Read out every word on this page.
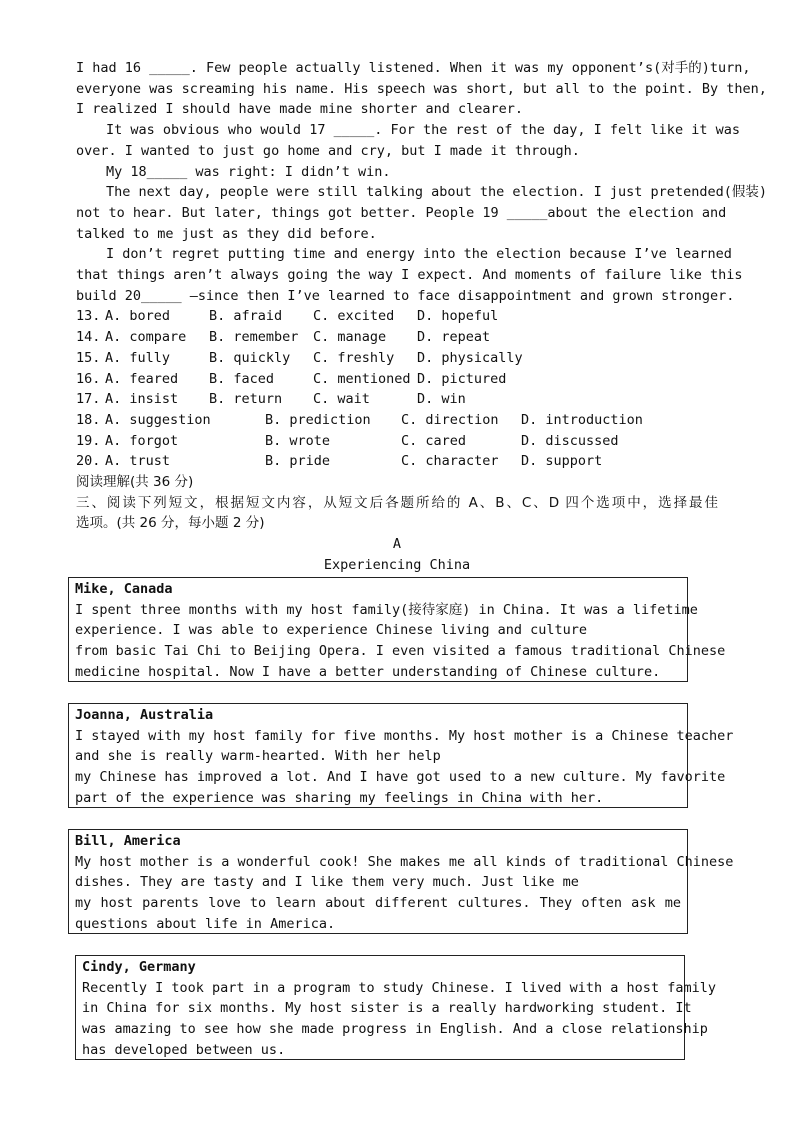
I had 16 _____. Few people actually listened. When it was my opponent’s(对手的)turn,
everyone was screaming his name. His speech was short, but all to the point. By then,
I realized I should have made mine shorter and clearer.
It was obvious who would 17 _____. For the rest of the day, I felt like it was
over. I wanted to just go home and cry, but I made it through.
My 18_____ was right: I didn’t win.
The next day, people were still talking about the election. I just pretended(假装)
not to hear. But later, things got better. People 19 _____about the election and
talked to me just as they did before.
I don’t regret putting time and energy into the election because I’ve learned
that things aren’t always going the way I expect. And moments of failure like this
build 20_____ —since then I’ve learned to face disappointment and grown stronger.
13. A. bored	B. afraid	C. excited	D. hopeful
14. A. compare	B. remember	C. manage	D. repeat
15. A. fully	B. quickly	C. freshly	D. physically
16. A. feared	B. faced	C. mentioned D. pictured
17. A. insist	B. return	C. wait	D. win
18. A. suggestion	B. prediction	C. direction	D. introduction
19. A. forgot	B. wrote	C. cared	D. discussed
20. A. trust	B. pride	C. character	D. support
阅读理解(共 36 分)
三、阅读下列短文，根据短文内容，从短文后各题所给的 A、B、C、D 四个选项中，选择最佳
选项。(共 26 分，每小题 2 分)
A
Experiencing China
Mike, Canada
I spent three months with my host family(接待家庭) in China. It was a lifetime
experience. I was able to experience Chinese living and culture
from basic Tai Chi to Beijing Opera. I even visited a famous traditional Chinese
medicine hospital. Now I have a better understanding of Chinese culture.
Joanna, Australia
I stayed with my host family for five months. My host mother is a Chinese teacher
and she is really warm-hearted. With her help
my Chinese has improved a lot. And I have got used to a new culture. My favorite
part of the experience was sharing my feelings in China with her.
Bill, America
My host mother is a wonderful cook! She makes me all kinds of traditional Chinese
dishes. They are tasty and I like them very much. Just like me
my host parents love to learn about different cultures. They often ask me
questions about life in America.
Cindy, Germany
Recently I took part in a program to study Chinese. I lived with a host family
in China for six months. My host sister is a really hardworking student. It
was amazing to see how she made progress in English. And a close relationship
has developed between us.
